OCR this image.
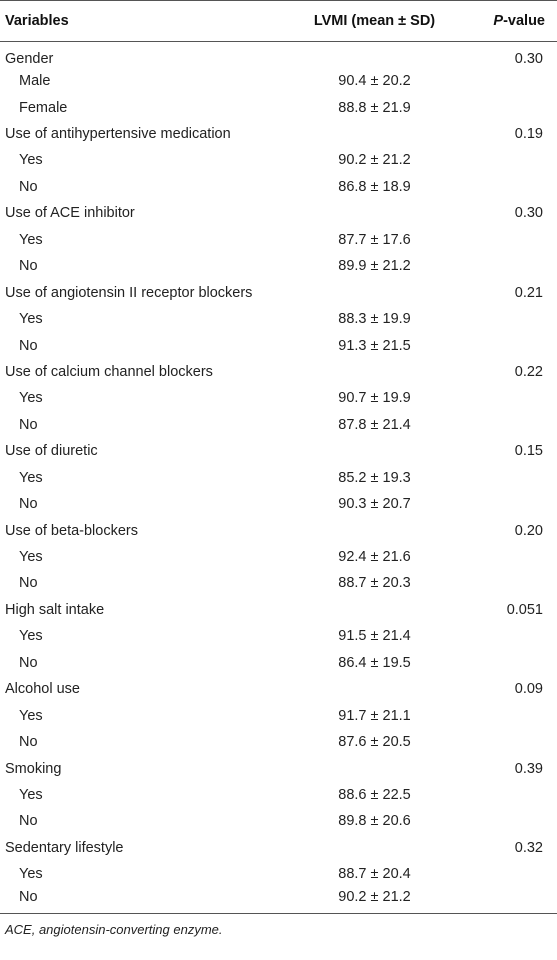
Variables	LVMI (mean ± SD)	P-value
Gender		0.30
Male	90.4 ± 20.2	
Female	88.8 ± 21.9	
Use of antihypertensive medication		0.19
Yes	90.2 ± 21.2	
No	86.8 ± 18.9	
Use of ACE inhibitor		0.30
Yes	87.7 ± 17.6	
No	89.9 ± 21.2	
Use of angiotensin II receptor blockers		0.21
Yes	88.3 ± 19.9	
No	91.3 ± 21.5	
Use of calcium channel blockers		0.22
Yes	90.7 ± 19.9	
No	87.8 ± 21.4	
Use of diuretic		0.15
Yes	85.2 ± 19.3	
No	90.3 ± 20.7	
Use of beta-blockers		0.20
Yes	92.4 ± 21.6	
No	88.7 ± 20.3	
High salt intake		0.051
Yes	91.5 ± 21.4	
No	86.4 ± 19.5	
Alcohol use		0.09
Yes	91.7 ± 21.1	
No	87.6 ± 20.5	
Smoking		0.39
Yes	88.6 ± 22.5	
No	89.8 ± 20.6	
Sedentary lifestyle		0.32
Yes	88.7 ± 20.4	
No	90.2 ± 21.2	
ACE, angiotensin-converting enzyme.
